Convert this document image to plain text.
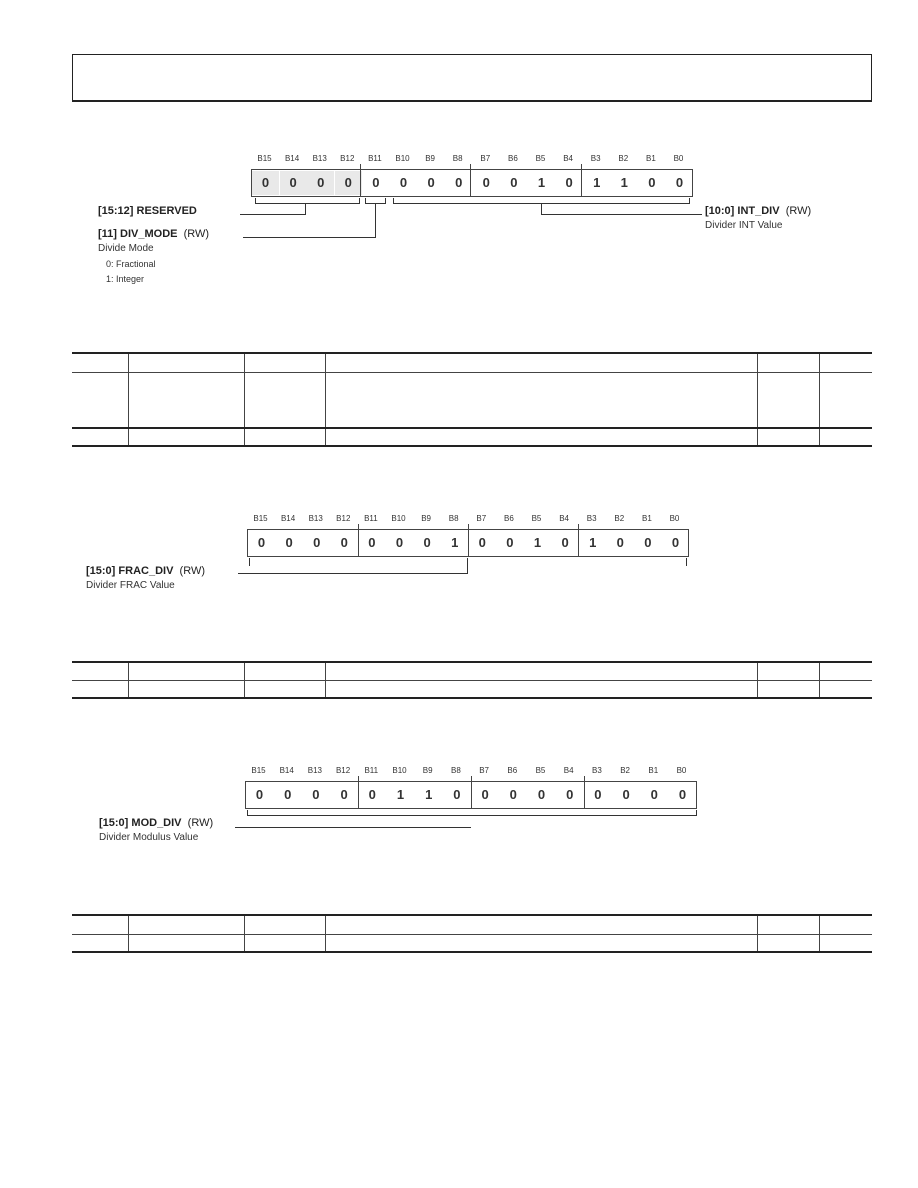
B15	B14	B13	B12	B11	B10	B9	B8	B7	B6	B5	B4	B3	B2	B1	B0
0	0	0	0	0	0	0	0	0	0	1	0	1	1	0	0
[15:12] RESERVED
[11] DIV_MODE (RW)
Divide Mode
0: Fractional
1: Integer
[10:0] INT_DIV (RW)
Divider INT Value

B15	B14	B13	B12	B11	B10	B9	B8	B7	B6	B5	B4	B3	B2	B1	B0
0	0	0	0	0	0	0	1	0	0	1	0	1	0	0	0
[15:0] FRAC_DIV (RW)
Divider FRAC Value

B15	B14	B13	B12	B11	B10	B9	B8	B7	B6	B5	B4	B3	B2	B1	B0
0	0	0	0	0	1	1	0	0	0	0	0	0	0	0	0
[15:0] MOD_DIV (RW)
Divider Modulus Value
